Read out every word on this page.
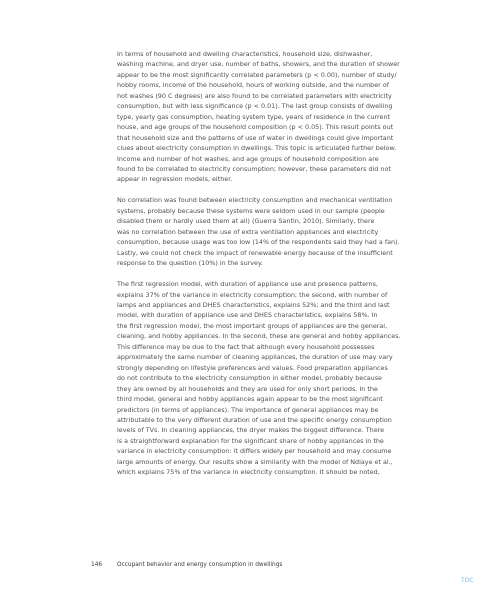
In terms of household and dwelling characteristics, household size, dishwasher,
washing machine, and dryer use, number of baths, showers, and the duration of shower
appear to be the most significantly correlated parameters (p < 0.00), number of study/
hobby rooms, income of the household, hours of working outside, and the number of
hot washes (90 C degrees) are also found to be correlated parameters with electricity
consumption, but with less significance (p < 0.01). The last group consists of dwelling
type, yearly gas consumption, heating system type, years of residence in the current
house, and age groups of the household composition (p < 0.05). This result points out
that household size and the patterns of use of water in dwellings could give important
clues about electricity consumption in dwellings. This topic is articulated further below.
Income and number of hot washes, and age groups of household composition are
found to be correlated to electricity consumption; however, these parameters did not
appear in regression models, either.

No correlation was found between electricity consumption and mechanical ventilation
systems, probably because these systems were seldom used in our sample (people
disabled them or hardly used them at all) (Guerra Santin, 2010). Similarly, there
was no correlation between the use of extra ventilation appliances and electricity
consumption, because usage was too low (14% of the respondents said they had a fan).
Lastly, we could not check the impact of renewable energy because of the insufficient
response to the question (10%) in the survey.

The first regression model, with duration of appliance use and presence patterns,
explains 37% of the variance in electricity consumption; the second, with number of
lamps and appliances and DHES characteristics, explains 52%; and the third and last
model, with duration of appliance use and DHES characteristics, explains 58%. In
the first regression model, the most important groups of appliances are the general,
cleaning, and hobby appliances. In the second, these are general and hobby appliances.
This difference may be due to the fact that although every household possesses
approximately the same number of cleaning appliances, the duration of use may vary
strongly depending on lifestyle preferences and values. Food preparation appliances
do not contribute to the electricity consumption in either model, probably because
they are owned by all households and they are used for only short periods. In the
third model, general and hobby appliances again appear to be the most significant
predictors (in terms of appliances). The importance of general appliances may be
attributable to the very different duration of use and the specific energy consumption
levels of TVs. In cleaning appliances, the dryer makes the biggest difference. There
is a straightforward explanation for the significant share of hobby appliances in the
variance in electricity consumption: it differs widely per household and may consume
large amounts of energy. Our results show a similarity with the model of Ndiaye et al.,
which explains 75% of the variance in electricity consumption. It should be noted,

146	Occupant behavior and energy consumption in dwellings
TOC
